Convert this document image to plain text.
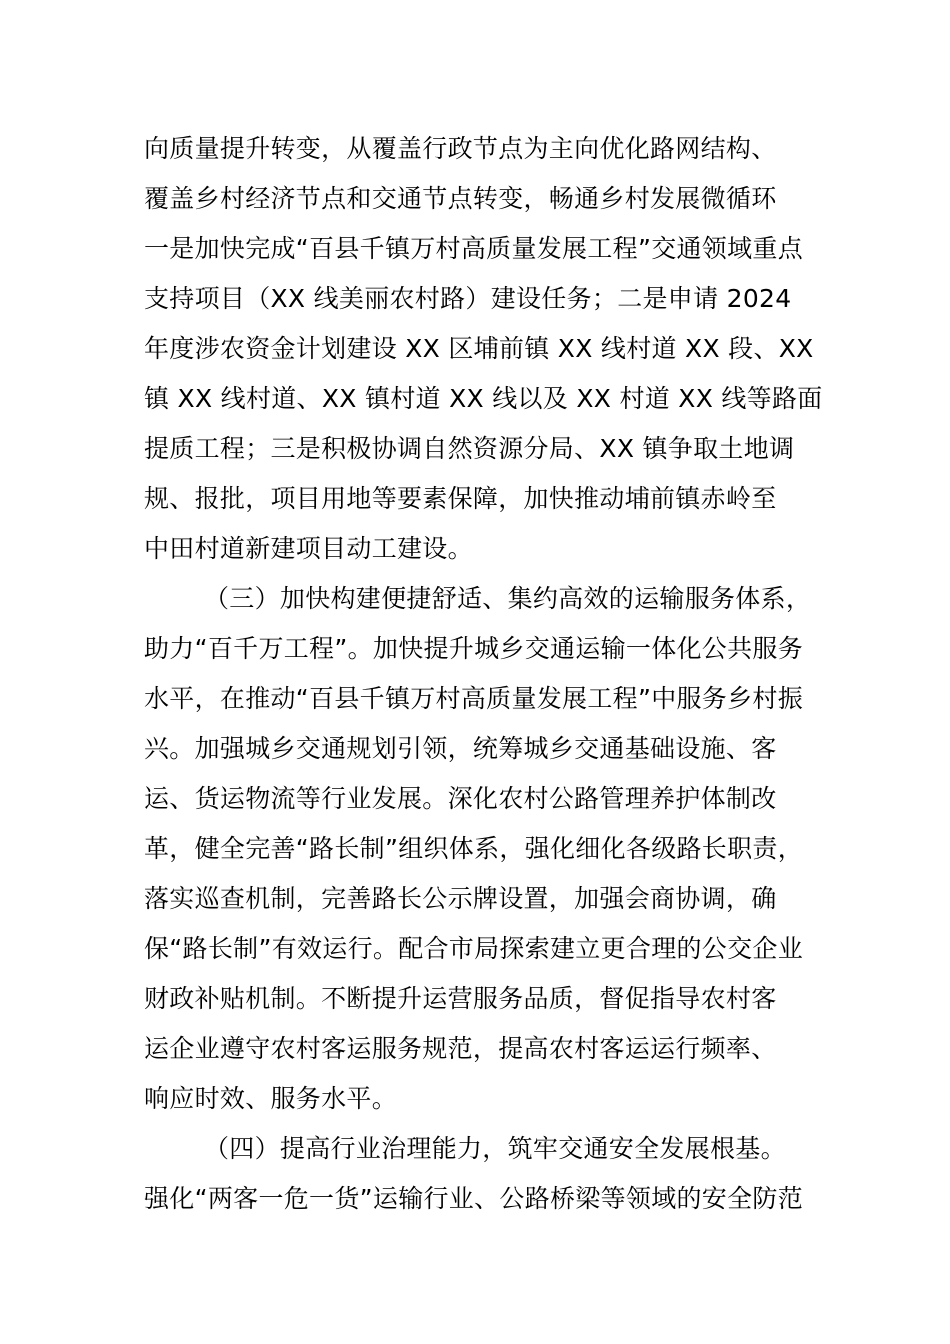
向质量提升转变，从覆盖行政节点为主向优化路网结构、
覆盖乡村经济节点和交通节点转变，畅通乡村发展微循环
一是加快完成“百县千镇万村高质量发展工程”交通领域重点
支持项目（XX 线美丽农村路）建设任务；二是申请 2024
年度涉农资金计划建设 XX 区埔前镇 XX 线村道 XX 段、XX
镇 XX 线村道、XX 镇村道 XX 线以及 XX 村道 XX 线等路面
提质工程；三是积极协调自然资源分局、XX 镇争取土地调
规、报批，项目用地等要素保障，加快推动埔前镇赤岭至
中田村道新建项目动工建设。
（三）加快构建便捷舒适、集约高效的运输服务体系，
助力“百千万工程”。加快提升城乡交通运输一体化公共服务
水平，在推动“百县千镇万村高质量发展工程”中服务乡村振
兴。加强城乡交通规划引领，统筹城乡交通基础设施、客
运、货运物流等行业发展。深化农村公路管理养护体制改
革，健全完善“路长制”组织体系，强化细化各级路长职责，
落实巡查机制，完善路长公示牌设置，加强会商协调，确
保“路长制”有效运行。配合市局探索建立更合理的公交企业
财政补贴机制。不断提升运营服务品质，督促指导农村客
运企业遵守农村客运服务规范，提高农村客运运行频率、
响应时效、服务水平。
（四）提高行业治理能力，筑牢交通安全发展根基。
强化“两客一危一货”运输行业、公路桥梁等领域的安全防范
